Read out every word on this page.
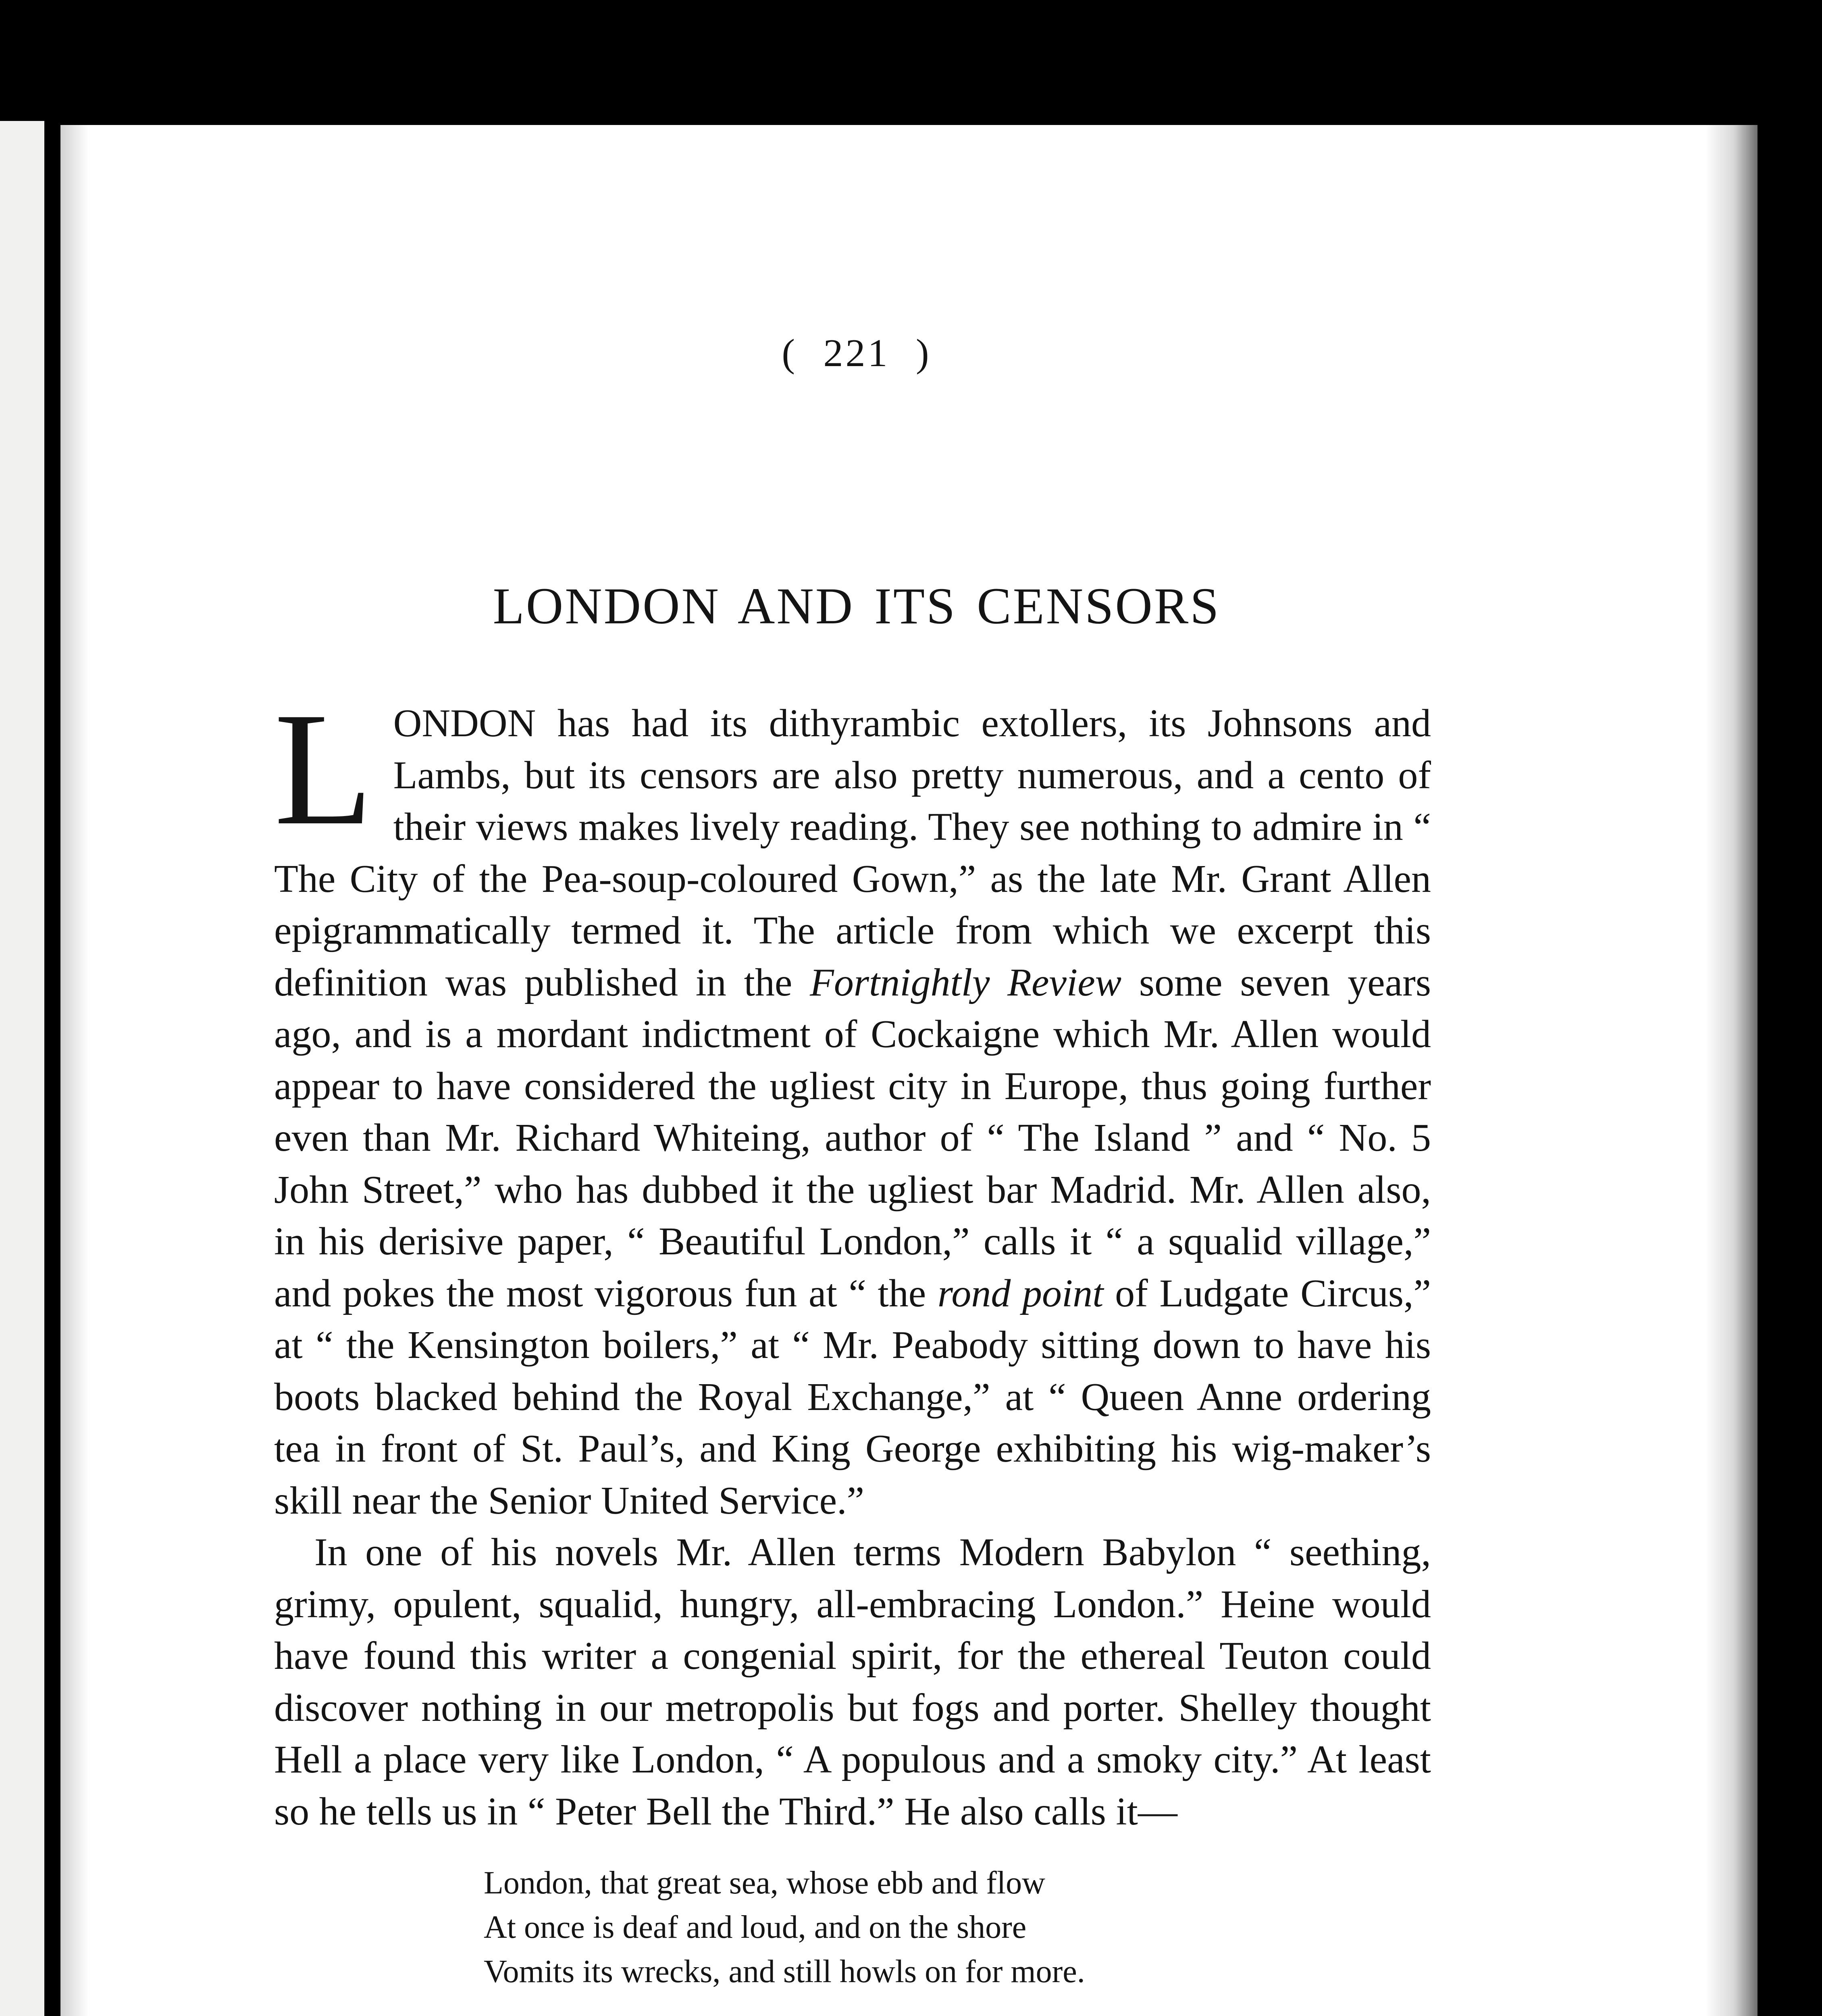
( 221 )
LONDON AND ITS CENSORS

LONDON has had its dithyrambic extollers, its Johnsons and Lambs, but its censors are also pretty numerous, and a cento of their views makes lively reading. They see nothing to admire in “ The City of the Pea-soup-coloured Gown,” as the late Mr. Grant Allen epigrammatically termed it. The article from which we excerpt this definition was published in the Fortnightly Review some seven years ago, and is a mordant indictment of Cockaigne which Mr. Allen would appear to have considered the ugliest city in Europe, thus going further even than Mr. Richard Whiteing, author of “ The Island ” and “ No. 5 John Street,” who has dubbed it the ugliest bar Madrid. Mr. Allen also, in his derisive paper, “ Beautiful London,” calls it “ a squalid village,” and pokes the most vigorous fun at “ the rond point of Ludgate Circus,” at “ the Kensington boilers,” at “ Mr. Peabody sitting down to have his boots blacked behind the Royal Exchange,” at “ Queen Anne ordering tea in front of St. Paul’s, and King George exhibiting his wig-maker’s skill near the Senior United Service.”

In one of his novels Mr. Allen terms Modern Babylon “ seething, grimy, opulent, squalid, hungry, all-embracing London.” Heine would have found this writer a congenial spirit, for the ethereal Teuton could discover nothing in our metropolis but fogs and porter. Shelley thought Hell a place very like London, “ A populous and a smoky city.” At least so he tells us in “ Peter Bell the Third.” He also calls it—

London, that great sea, whose ebb and flow
At once is deaf and loud, and on the shore
Vomits its wrecks, and still howls on for more.
